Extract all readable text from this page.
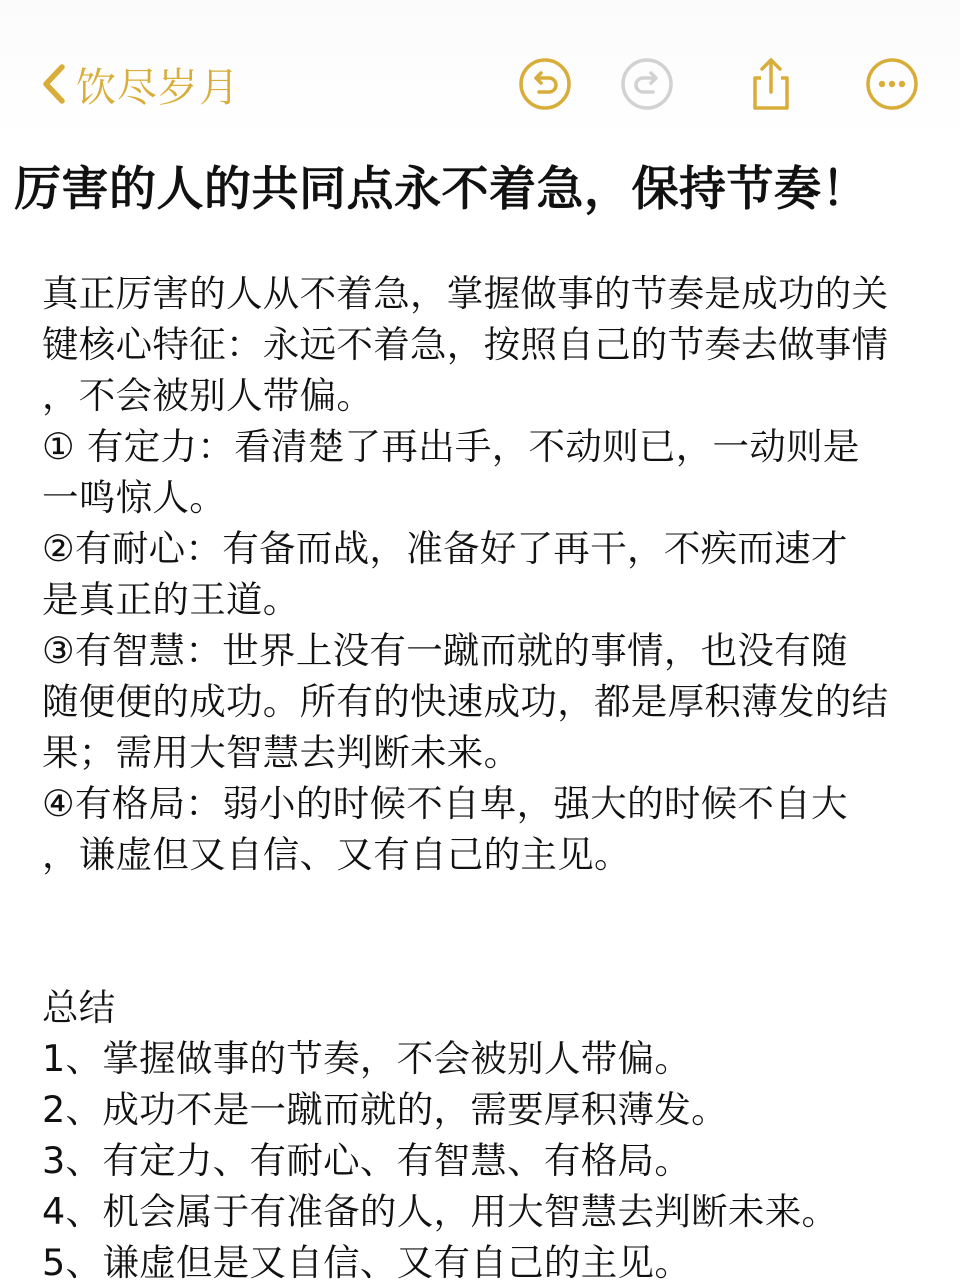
饮尽岁月
厉害的人的共同点永不着急，保持节奏！
真正厉害的人从不着急，掌握做事的节奏是成功的关
键核心特征：永远不着急，按照自己的节奏去做事情
，不会被别人带偏。
① 有定力：看清楚了再出手，不动则已，一动则是
一鸣惊人。
②有耐心：有备而战，准备好了再干，不疾而速才
是真正的王道。
③有智慧：世界上没有一蹴而就的事情，也没有随
随便便的成功。所有的快速成功，都是厚积薄发的结
果；需用大智慧去判断未来。
④有格局：弱小的时候不自卑，强大的时候不自大
，谦虚但又自信、又有自己的主见。
总结
1、掌握做事的节奏，不会被别人带偏。
2、成功不是一蹴而就的，需要厚积薄发。
3、有定力、有耐心、有智慧、有格局。
4、机会属于有准备的人，用大智慧去判断未来。
5、谦虚但是又自信、又有自己的主见。
